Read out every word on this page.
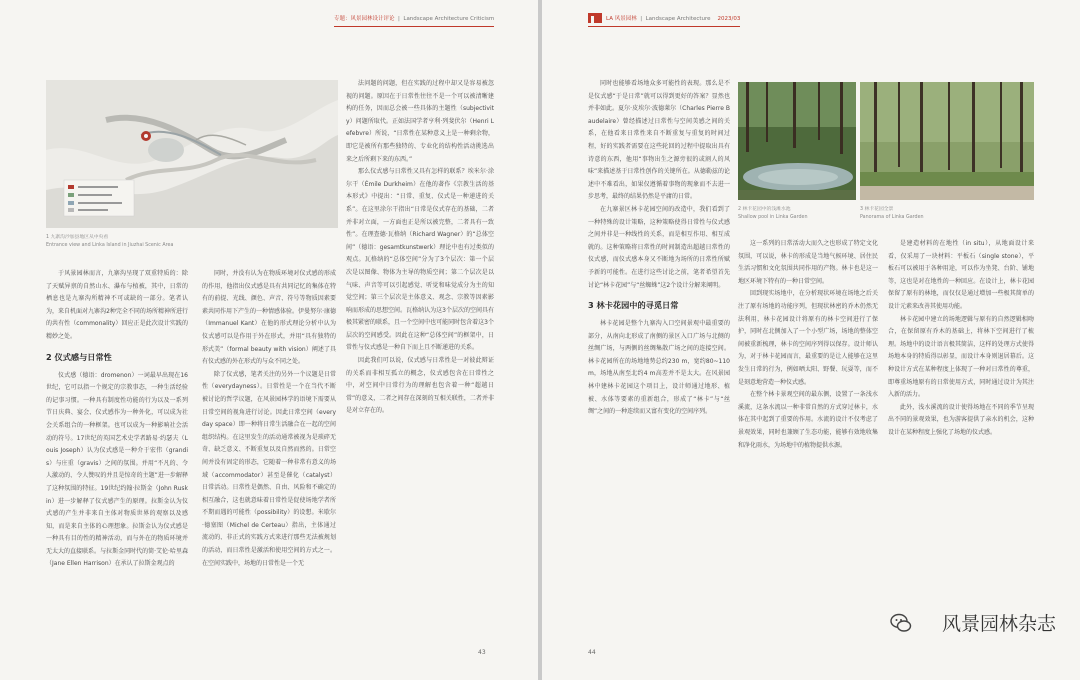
专题：风景园林设计评论  |  Landscape Architecture Criticism
1 九寨沟沙加县地区从中央看
Entrance view and Linka Island in Jiuzhai Scenic Area

于风景园林而言，九寨沟呈现了双重特质的：除了天赋异禀的自然山水、瀑布与植被，其中，日常的栖息也是九寨沟所精神不可或缺的一部分。笔者认为，来自机面对九寨沟2种完全不同的场所精神所进行的共有性（commonality）回应正是此次设计实践的精妙之处。

2 仪式感与日常性

仪式感（德语：dromenon）一词最早出现在16世纪，它可以指一个规定的宗教事态，一种生活经验的记事习惯。一种具有制度性功能的行为以及一系列节日庆典、宴会、仪式感作为一种外化，可以成为社会关系组合的一种框架。也可以成为一种影响社会活动的符号。17世纪的英国艺术史学者路易·约瑟夫（Louis Joseph）认为仪式感是一种介于宏伟（grandis）与庄重（gravis）之间的氛围。并用“不凡的、令人激动的、令人赞叹的并且是惊奇的主题”进一步解释了这种氛围的特征。19世纪约翰·拉斯金（John Ruskin）进一步解释了仪式感产生的原理。拉斯金认为仪式感的产生并非来自主体对物质世界的观察以及感知，而是来自主体的心理想象。拉斯金认为仪式感是一种具有目的性的精神活动，而与外在的物质环境并无太大的直接联系。与拉斯金同时代的简·艾伦·哈里森（Jane Ellen Harrison）在承认了拉斯金观点的

同时，并没有认为在物质环境对仪式感的形成的作用，他指出仪式感是具有共同记忆的集体在特有的前提、光线、颜色、声音、符号等物质因素要素共同作用下产生的一种情感体验。伊曼努尔·康德（Immanuel Kant）在他的形式理论分析中认为仪式感可以是作用于外在形式，并用“具有独特的形式美”（formal beauty with vision）阐述了具有仪式感的外在形式的与众不同之处。

除了仪式感，笔者关注的另外一个议题是日常性（everydayness）。日常性是一个在当代不断被讨论的哲学议题，在风景园林学的语境下需要从日常空间的视角进行讨论。因此日常空间（everyday space）即一种将日常生活融合在一起的空间组织结构。在这里发生的活动通常被视为是琐碎无奇、缺乏意义、不断重复以及自然而然的。日常空间并没有固定的形态，它随着一种非常有意义的场域（accommodator）甚至是催化（catalyst）日常活动。日常性是偶然、自由、风险和不确定的相互融合，这也就意味着日常性是促使场地学者所不期而遇的可能性（possibility）的设想。米歇尔·德塞图（Michel de Certeau）指出，主体通过流动的、非正式的实践方式来进行那些无法被规划的活动，而日常性是激活和使用空间的方式之一。在空间实践中，场地的日常性是一个无

法问题的问题，但在实践的过程中却又是容易被忽视的问题。原因在于日常性往往不是一个可以被清晰建构的任务，因而总会被一些具体的主题性（subjectivity）问题所取代。正如法国学者亨利·列斐伏尔（Henri Lefebvre）所说，“日常性在某种意义上是一种剩余物，即它是被所有那些独特的、专业化的结构性活动挑选出来之后所剩下来的东西。”

那么仪式感与日常性又具有怎样的联系？埃米尔·涂尔干（Émile Durkheim）在他的著作《宗教生活的基本形式》中提出：“日常、重复、仪式是一种递进的关系”。在这里涂尔干指出“日常是仪式存在的基础，二者并非对立面，一方面也正是所以被完整，二者具有一致性”。在理查德·瓦格纳（Richard Wagner）的“总体空间”（德语：gesamtkunstwerk）理论中也有过类似的观点。瓦格纳的“总体空间”分为了3个层次：第一个层次是以图像、物体为主导的物质空间；第二个层次是以气味、声音等可以引起感觉、听觉和味觉成分为主的知觉空间；第三个层次是主体意义、观念、宗教等因素影响而形成的思想空间。瓦格纳认为这3个层次的空间具有极其紧密的联系，且一个空间中也可能同时包含着这3个层次的空间感受。因此在这种“总体空间”的框架中，日常性与仪式感是一种自下而上且不断递进的关系。

因此我们可以说，仪式感与日常性是一对彼此辩证的关系而非相互孤立的概念，仪式感包含在日常性之中，对空间中日常行为的理解也包含着一种“超越日常”的意义，二者之间存在深刻的互相关联性，二者并非是对立存在的。

43
LA 风景园林  |  Landscape Architecture 2023/03

同时也能够看场地众多可能性的表现。那么是不是仪式感“于是日常”就可以得到更好的答案？显然也并非如此。夏尔·皮埃尔·波德莱尔（Charles Pierre Baudelaire）曾经描述过日常性与空间美感之间的关系，在他看来日常性来自不断重复与重复的时间过程，好的实践者需要在这些轮回的过程中提取出具有诗意的东西，他用“事物出生之源旁很的或割人的风味”来描述基于日常性创作的关键所在。从德勒兹的论述中不难看出，如果仅遵循着事物的现象而不去进一步思考，最终的结果仍然是平庸的日常。

在九寨景区林卡花园空间的改造中，我们看到了一种特殊的设计策略，这种策略使得日常性与仪式感之间并非是一种线性的关系，而是相互作用、相互成就的。这种策略将日常性的时间制造出超越日常性的仪式感，而仪式感本身又不断地为场所的日常性所赋予新的可能性。在进行这些讨论之前，笔者希望首先讨论“林卡花园”与“丝蜘蛛”这2个设计分解来阐明。

3 林卡花园中的寻觅日常

林卡花园是整个九寨沟入口空间景观中最重要的部分，从南向北形成了南侧的景区入口广场与北侧的丝绸广场，与两侧的丝绸集散广场之间的连接空间。林卡花园所在的场地地势总约230 m，宽约80~110 m，场地从南至北约4 m高差并不是太大。在风景园林中建林卡花园这个项目上，设计师通过地形、植被、水体等要素的重新组合，形成了“林卡”与“丝绸”之间的一种连续而又富有变化的空间序列。

2 林卡花园中的浅滩水池
Shallow pool in Linka Garden
3 林卡花园全景
Panorama of Linka Garden

这一系列的日常活动大而久之也形成了特定文化氛围，可以说，林卡的形成是当地气候环境、居住民生活习惯和文化氛围共同作用的产物。林卡也是这一地区环境下特有的一种日常空间。

回到现实场地中，在分析现状环境在场地之后关注了原有场地的功能序列，但现状林密的乔木仍然无法利用，林卡花园设计将原有的林卡空间进行了保护，同时在北侧加入了一个小型广场，场地的整体空间被重新梳理，林卡的空间序列得以保存。设计师认为，对于林卡花园而言，最重要的是让人能够在这里发生日常的行为，例如晒太阳、野餐、玩耍等，而不是刻意地营造一种仪式感。

在整个林卡景观空间的最东侧，设置了一条浅水溪流，这条水流以一种非常自然的方式穿过林卡，水体在其中起到了重要的作用。水流的设计不仅考虑了景观效果，同时也兼顾了生态功能，能够有效地收集和净化雨水，为场地中的植物提供水源。

是建造材料的在地性（in situ），从地面设计来看，仅采用了一块材料：平板石（single stone），平板石可以被用于各种用途，可以作为坐凳、台阶、铺地等，这也是对在地性的一种回应。在设计上，林卡花园保留了原有的林地，而仅仅是通过增加一些极其简单的设计元素来改善其使用功能。

林卡花园中建立的场地逻辑与原有的自然逻辑相吻合，在保留原有乔木的基础上，将林下空间进行了梳理。场地中的设计语言极其简洁，这样的处理方式使得场地本身的特质得以彰显，而设计本身则退居幕后。这种设计方式在某种程度上体现了一种对日常性的尊重，即尊重场地原有的日常使用方式，同时通过设计为其注入新的活力。

此外，浅水溪流的设计使得场地在不同的季节呈现出不同的景观效果，也为游客提供了亲水的机会，这种设计在某种程度上强化了场地的仪式感。

风景园林杂志
44
